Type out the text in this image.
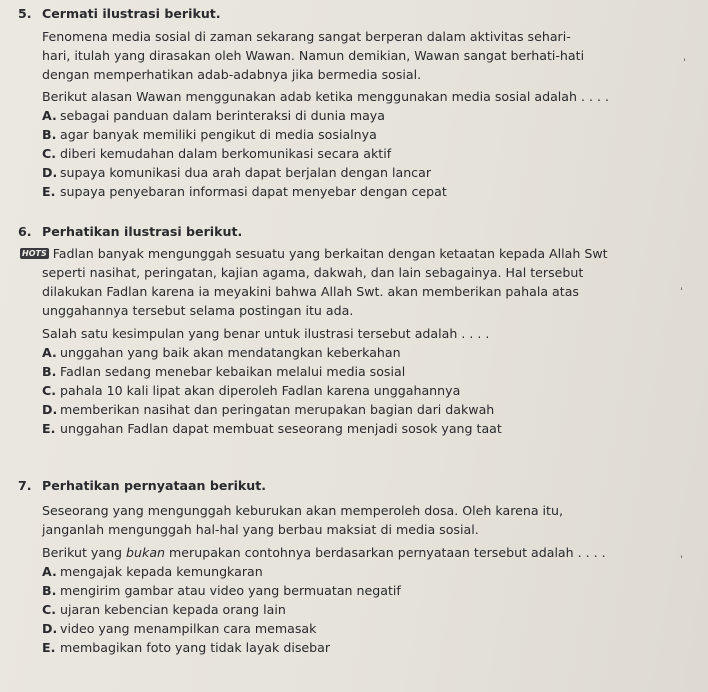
5. Cermati ilustrasi berikut.
Fenomena media sosial di zaman sekarang sangat berperan dalam aktivitas sehari-
hari, itulah yang dirasakan oleh Wawan. Namun demikian, Wawan sangat berhati-hati
dengan memperhatikan adab-adabnya jika bermedia sosial.
Berikut alasan Wawan menggunakan adab ketika menggunakan media sosial adalah . . . .
A. sebagai panduan dalam berinteraksi di dunia maya
B. agar banyak memiliki pengikut di media sosialnya
C. diberi kemudahan dalam berkomunikasi secara aktif
D. supaya komunikasi dua arah dapat berjalan dengan lancar
E. supaya penyebaran informasi dapat menyebar dengan cepat
6. Perhatikan ilustrasi berikut.
HOTS Fadlan banyak mengunggah sesuatu yang berkaitan dengan ketaatan kepada Allah Swt
seperti nasihat, peringatan, kajian agama, dakwah, dan lain sebagainya. Hal tersebut
dilakukan Fadlan karena ia meyakini bahwa Allah Swt. akan memberikan pahala atas
unggahannya tersebut selama postingan itu ada.
Salah satu kesimpulan yang benar untuk ilustrasi tersebut adalah . . . .
A. unggahan yang baik akan mendatangkan keberkahan
B. Fadlan sedang menebar kebaikan melalui media sosial
C. pahala 10 kali lipat akan diperoleh Fadlan karena unggahannya
D. memberikan nasihat dan peringatan merupakan bagian dari dakwah
E. unggahan Fadlan dapat membuat seseorang menjadi sosok yang taat
7. Perhatikan pernyataan berikut.
Seseorang yang mengunggah keburukan akan memperoleh dosa. Oleh karena itu,
janganlah mengunggah hal-hal yang berbau maksiat di media sosial.
Berikut yang bukan merupakan contohnya berdasarkan pernyataan tersebut adalah . . . .
A. mengajak kepada kemungkaran
B. mengirim gambar atau video yang bermuatan negatif
C. ujaran kebencian kepada orang lain
D. video yang menampilkan cara memasak
E. membagikan foto yang tidak layak disebar
ˈ
ˈ
ˈ
